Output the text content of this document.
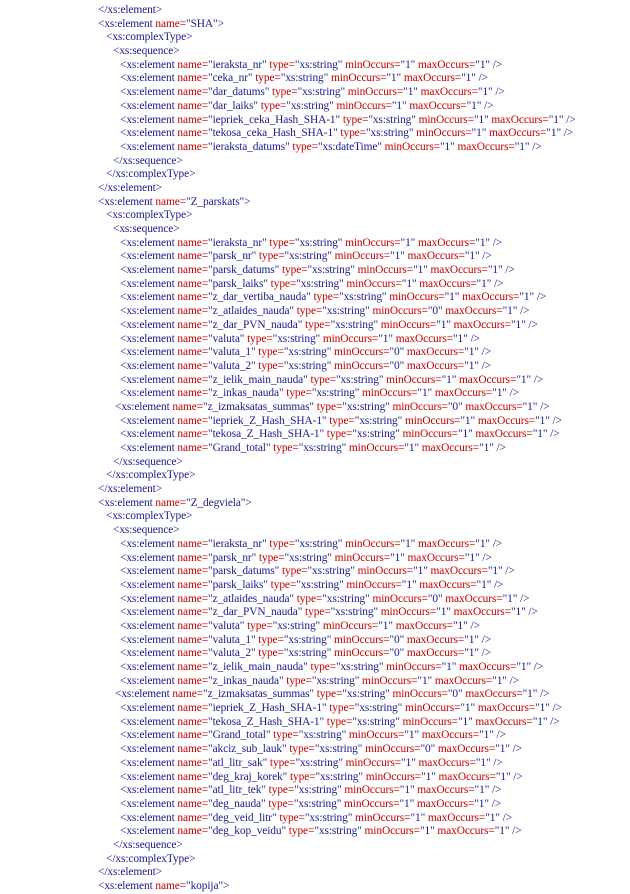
</xs:element>
<xs:element name="SHA">
<xs:complexType>
<xs:sequence>
<xs:element name="ieraksta_nr" type="xs:string" minOccurs="1" maxOccurs="1" />
<xs:element name="ceka_nr" type="xs:string" minOccurs="1" maxOccurs="1" />
<xs:element name="dar_datums" type="xs:string" minOccurs="1" maxOccurs="1" />
<xs:element name="dar_laiks" type="xs:string" minOccurs="1" maxOccurs="1" />
<xs:element name="iepriek_ceka_Hash_SHA-1" type="xs:string" minOccurs="1" maxOccurs="1" />
<xs:element name="tekosa_ceka_Hash_SHA-1" type="xs:string" minOccurs="1" maxOccurs="1" />
<xs:element name="ieraksta_datums" type="xs:dateTime" minOccurs="1" maxOccurs="1" />
</xs:sequence>
</xs:complexType>
</xs:element>
<xs:element name="Z_parskats">
<xs:complexType>
<xs:sequence>
<xs:element name="ieraksta_nr" type="xs:string" minOccurs="1" maxOccurs="1" />
<xs:element name="parsk_nr" type="xs:string" minOccurs="1" maxOccurs="1" />
<xs:element name="parsk_datums" type="xs:string" minOccurs="1" maxOccurs="1" />
<xs:element name="parsk_laiks" type="xs:string" minOccurs="1" maxOccurs="1" />
<xs:element name="z_dar_vertiba_nauda" type="xs:string" minOccurs="1" maxOccurs="1" />
<xs:element name="z_atlaides_nauda" type="xs:string" minOccurs="0" maxOccurs="1" />
<xs:element name="z_dar_PVN_nauda" type="xs:string" minOccurs="1" maxOccurs="1" />
<xs:element name="valuta" type="xs:string" minOccurs="1" maxOccurs="1" />
<xs:element name="valuta_1" type="xs:string" minOccurs="0" maxOccurs="1" />
<xs:element name="valuta_2" type="xs:string" minOccurs="0" maxOccurs="1" />
<xs:element name="z_ielik_main_nauda" type="xs:string" minOccurs="1" maxOccurs="1" />
<xs:element name="z_inkas_nauda" type="xs:string" minOccurs="1" maxOccurs="1" />
<xs:element name="z_izmaksatas_summas" type="xs:string" minOccurs="0" maxOccurs="1" />
<xs:element name="iepriek_Z_Hash_SHA-1" type="xs:string" minOccurs="1" maxOccurs="1" />
<xs:element name="tekosa_Z_Hash_SHA-1" type="xs:string" minOccurs="1" maxOccurs="1" />
<xs:element name="Grand_total" type="xs:string" minOccurs="1" maxOccurs="1" />
</xs:sequence>
</xs:complexType>
</xs:element>
<xs:element name="Z_degviela">
<xs:complexType>
<xs:sequence>
<xs:element name="ieraksta_nr" type="xs:string" minOccurs="1" maxOccurs="1" />
<xs:element name="parsk_nr" type="xs:string" minOccurs="1" maxOccurs="1" />
<xs:element name="parsk_datums" type="xs:string" minOccurs="1" maxOccurs="1" />
<xs:element name="parsk_laiks" type="xs:string" minOccurs="1" maxOccurs="1" />
<xs:element name="z_atlaides_nauda" type="xs:string" minOccurs="0" maxOccurs="1" />
<xs:element name="z_dar_PVN_nauda" type="xs:string" minOccurs="1" maxOccurs="1" />
<xs:element name="valuta" type="xs:string" minOccurs="1" maxOccurs="1" />
<xs:element name="valuta_1" type="xs:string" minOccurs="0" maxOccurs="1" />
<xs:element name="valuta_2" type="xs:string" minOccurs="0" maxOccurs="1" />
<xs:element name="z_ielik_main_nauda" type="xs:string" minOccurs="1" maxOccurs="1" />
<xs:element name="z_inkas_nauda" type="xs:string" minOccurs="1" maxOccurs="1" />
<xs:element name="z_izmaksatas_summas" type="xs:string" minOccurs="0" maxOccurs="1" />
<xs:element name="iepriek_Z_Hash_SHA-1" type="xs:string" minOccurs="1" maxOccurs="1" />
<xs:element name="tekosa_Z_Hash_SHA-1" type="xs:string" minOccurs="1" maxOccurs="1" />
<xs:element name="Grand_total" type="xs:string" minOccurs="1" maxOccurs="1" />
<xs:element name="akciz_sub_lauk" type="xs:string" minOccurs="0" maxOccurs="1" />
<xs:element name="atl_litr_sak" type="xs:string" minOccurs="1" maxOccurs="1" />
<xs:element name="deg_kraj_korek" type="xs:string" minOccurs="1" maxOccurs="1" />
<xs:element name="atl_litr_tek" type="xs:string" minOccurs="1" maxOccurs="1" />
<xs:element name="deg_nauda" type="xs:string" minOccurs="1" maxOccurs="1" />
<xs:element name="deg_veid_litr" type="xs:string" minOccurs="1" maxOccurs="1" />
<xs:element name="deg_kop_veidu" type="xs:string" minOccurs="1" maxOccurs="1" />
</xs:sequence>
</xs:complexType>
</xs:element>
<xs:element name="kopija">
